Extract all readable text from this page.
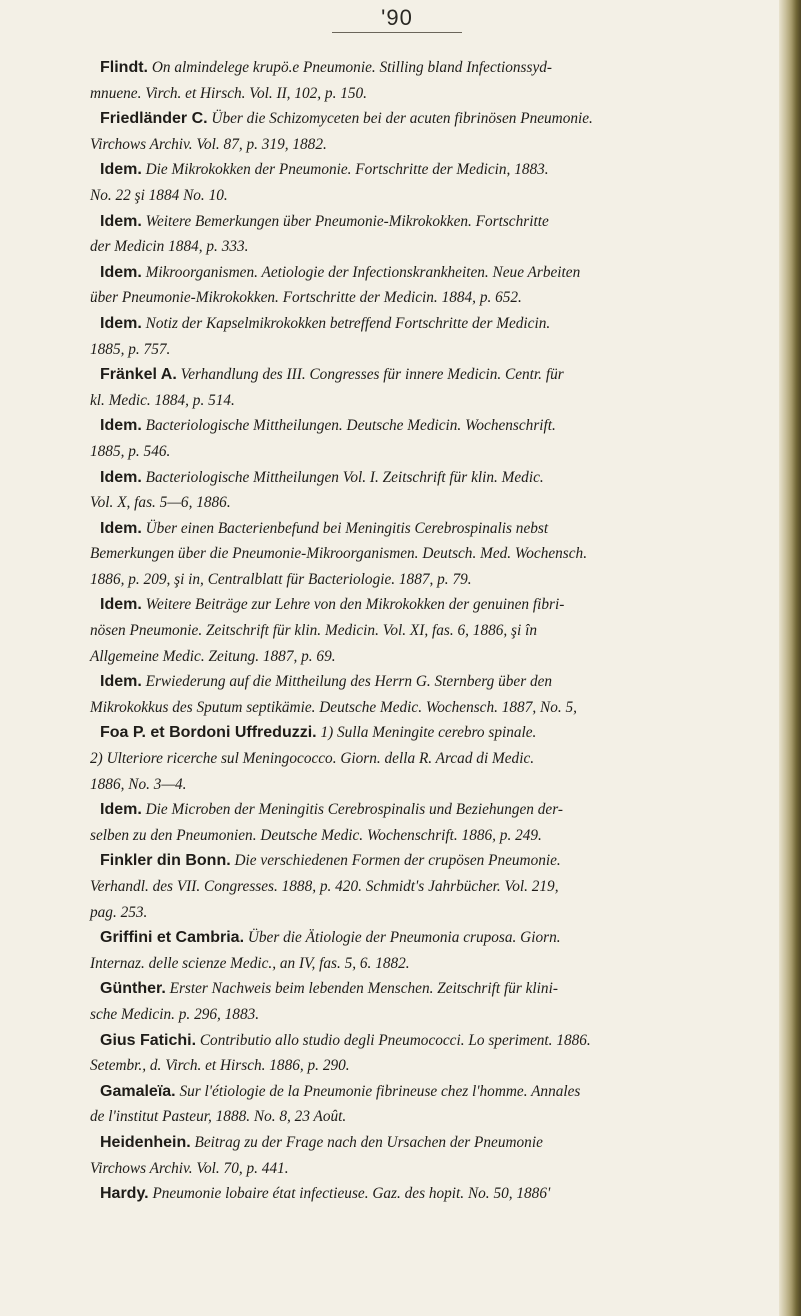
'90
Flindt. On almindelege krupö.e Pneumonie. Stilling bland Infectionssyd-
mnuene. Virch. et Hirsch. Vol. II, 102, p. 150.
Friedländer C. Über die Schizomyceten bei der acuten fibrinösen Pneumonie.
Virchows Archiv. Vol. 87, p. 319, 1882.
Idem. Die Mikrokokken der Pneumonie. Fortschritte der Medicin, 1883.
No. 22 şi 1884 No. 10.
Idem. Weitere Bemerkungen über Pneumonie-Mikrokokken. Fortschritte
der Medicin 1884, p. 333.
Idem. Mikroorganismen. Aetiologie der Infectionskrankheiten. Neue Arbeiten
über Pneumonie-Mikrokokken. Fortschritte der Medicin. 1884, p. 652.
Idem. Notiz der Kapselmikrokokken betreffend Fortschritte der Medicin.
1885, p. 757.
Fränkel A. Verhandlung des III. Congresses für innere Medicin. Centr. für
kl. Medic. 1884, p. 514.
Idem. Bacteriologische Mittheilungen. Deutsche Medicin. Wochenschrift.
1885, p. 546.
Idem. Bacteriologische Mittheilungen Vol. I. Zeitschrift für klin. Medic.
Vol. X, fas. 5—6, 1886.
Idem. Über einen Bacterienbefund bei Meningitis Cerebrospinalis nebst
Bemerkungen über die Pneumonie-Mikroorganismen. Deutsch. Med. Wochensch.
1886, p. 209, şi in, Centralblatt für Bacteriologie. 1887, p. 79.
Idem. Weitere Beiträge zur Lehre von den Mikrokokken der genuinen fibri-
nösen Pneumonie. Zeitschrift für klin. Medicin. Vol. XI, fas. 6, 1886, şi în
Allgemeine Medic. Zeitung. 1887, p. 69.
Idem. Erwiederung auf die Mittheilung des Herrn G. Sternberg über den
Mikrokokkus des Sputum septikämie. Deutsche Medic. Wochensch. 1887, No. 5,
Foa P. et Bordoni Uffreduzzi. 1) Sulla Meningite cerebro spinale.
2) Ulteriore ricerche sul Meningococco. Giorn. della R. Arcad di Medic.
1886, No. 3—4.
Idem. Die Microben der Meningitis Cerebrospinalis und Beziehungen der-
selben zu den Pneumonien. Deutsche Medic. Wochenschrift. 1886, p. 249.
Finkler din Bonn. Die verschiedenen Formen der crupösen Pneumonie.
Verhandl. des VII. Congresses. 1888, p. 420. Schmidt's Jahrbücher. Vol. 219,
pag. 253.
Griffini et Cambria. Über die Ätiologie der Pneumonia cruposa. Giorn.
Internaz. delle scienze Medic., an IV, fas. 5, 6. 1882.
Günther. Erster Nachweis beim lebenden Menschen. Zeitschrift für klini-
sche Medicin. p. 296, 1883.
Gius Fatichi. Contributio allo studio degli Pneumococci. Lo speriment. 1886.
Setembr., d. Virch. et Hirsch. 1886, p. 290.
Gamaleïa. Sur l'étiologie de la Pneumonie fibrineuse chez l'homme. Annales
de l'institut Pasteur, 1888. No. 8, 23 Août.
Heidenhein. Beitrag zu der Frage nach den Ursachen der Pneumonie
Virchows Archiv. Vol. 70, p. 441.
Hardy. Pneumonie lobaire état infectieuse. Gaz. des hopit. No. 50, 1886'
